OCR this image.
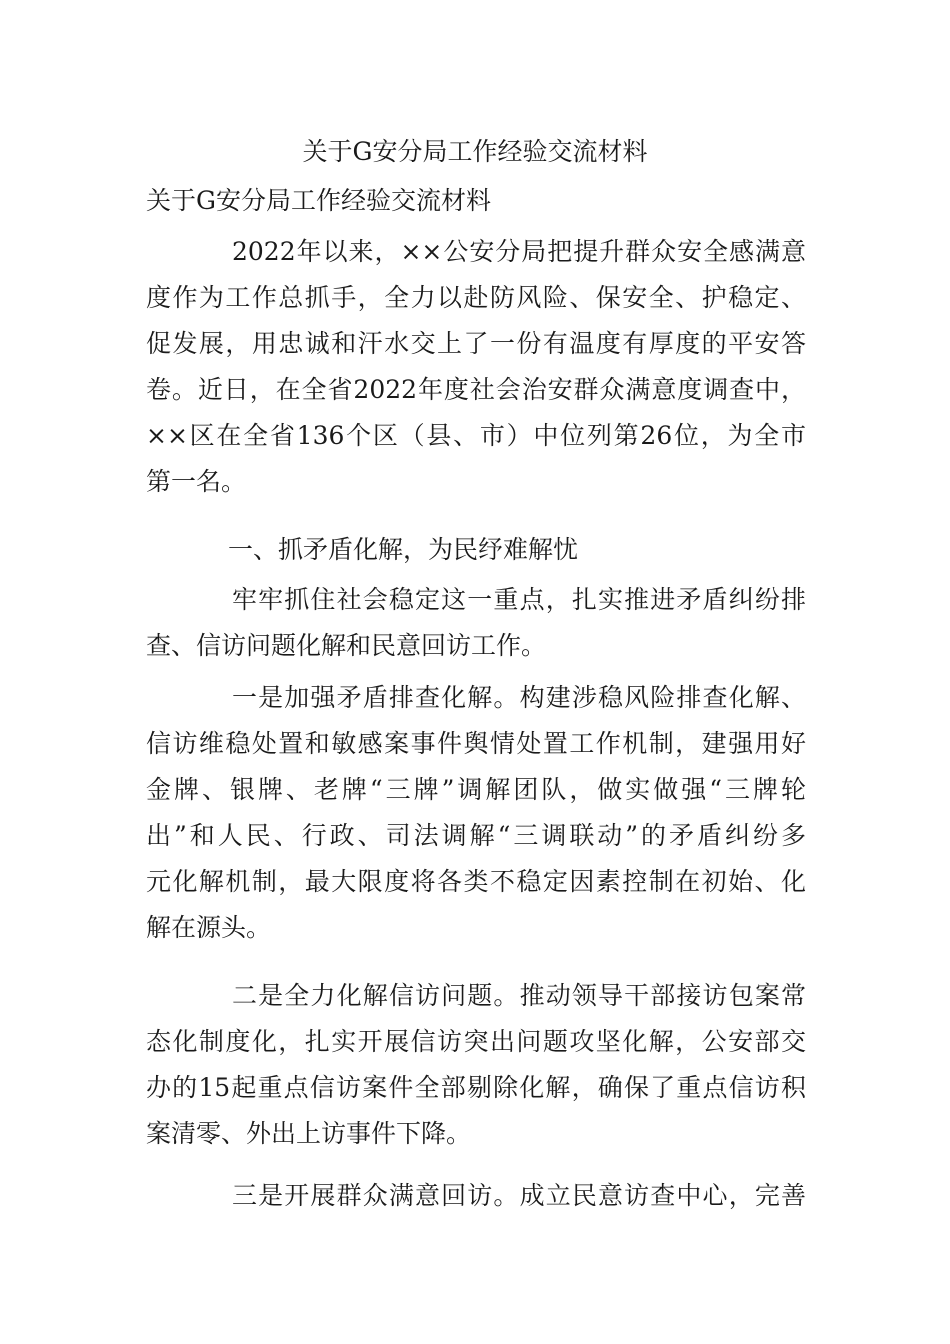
关于G安分局工作经验交流材料

关于G安分局工作经验交流材料

2022年以来，××公安分局把提升群众安全感满意
度作为工作总抓手，全力以赴防风险、保安全、护稳定、
促发展，用忠诚和汗水交上了一份有温度有厚度的平安答
卷。近日，在全省2022年度社会治安群众满意度调查中，
××区在全省136个区（县、市）中位列第26位，为全市
第一名。
一、抓矛盾化解，为民纾难解忧
牢牢抓住社会稳定这一重点，扎实推进矛盾纠纷排
查、信访问题化解和民意回访工作。
一是加强矛盾排查化解。构建涉稳风险排查化解、
信访维稳处置和敏感案事件舆情处置工作机制，建强用好
金牌、银牌、老牌“三牌”调解团队，做实做强“三牌轮
出”和人民、行政、司法调解“三调联动”的矛盾纠纷多
元化解机制，最大限度将各类不稳定因素控制在初始、化
解在源头。
二是全力化解信访问题。推动领导干部接访包案常
态化制度化，扎实开展信访突出问题攻坚化解，公安部交
办的15起重点信访案件全部剔除化解，确保了重点信访积
案清零、外出上访事件下降。
三是开展群众满意回访。成立民意访查中心，完善
